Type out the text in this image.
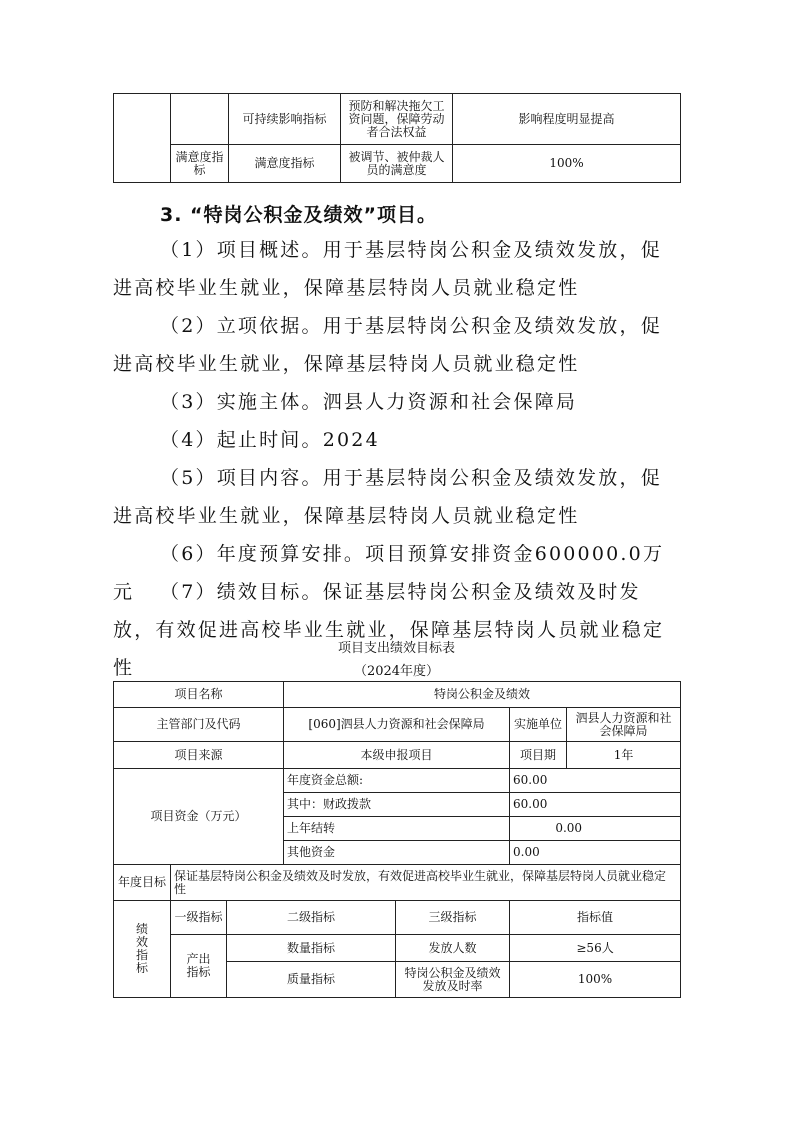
		可持续影响指标	预防和解决拖欠工资问题，保障劳动者合法权益	影响程度明显提高
	满意度指标	满意度指标	被调节、被仲裁人员的满意度	100%
3. “特岗公积金及绩效”项目。
（1）项目概述。用于基层特岗公积金及绩效发放，促进高校毕业生就业，保障基层特岗人员就业稳定性
（2）立项依据。用于基层特岗公积金及绩效发放，促进高校毕业生就业，保障基层特岗人员就业稳定性
（3）实施主体。泗县人力资源和社会保障局
（4）起止时间。2024
（5）项目内容。用于基层特岗公积金及绩效发放，促进高校毕业生就业，保障基层特岗人员就业稳定性
（6）年度预算安排。项目预算安排资金600000.0万元	（7）绩效目标。保证基层特岗公积金及绩效及时发放，有效促进高校毕业生就业，保障基层特岗人员就业稳定性
项目支出绩效目标表
（2024年度）
项目名称			特岗公积金及绩效			
主管部门及代码			[060]泗县人力资源和社会保障局		实施单位	泗县人力资源和社会保障局
项目来源			本级申报项目		项目期	1年
项目资金（万元）			年度资金总额:		60.00	
			其中：财政拨款		60.00	
			上年结转		0.00	
			其他资金		0.00	
年度目标	保证基层特岗公积金及绩效及时发放，有效促进高校毕业生就业，保障基层特岗人员就业稳定性					
绩效指标	一级指标	二级指标		三级指标	指标值	
	产出指标	数量指标		发放人数	≥56人	
		质量指标		特岗公积金及绩效发放及时率	100%	
